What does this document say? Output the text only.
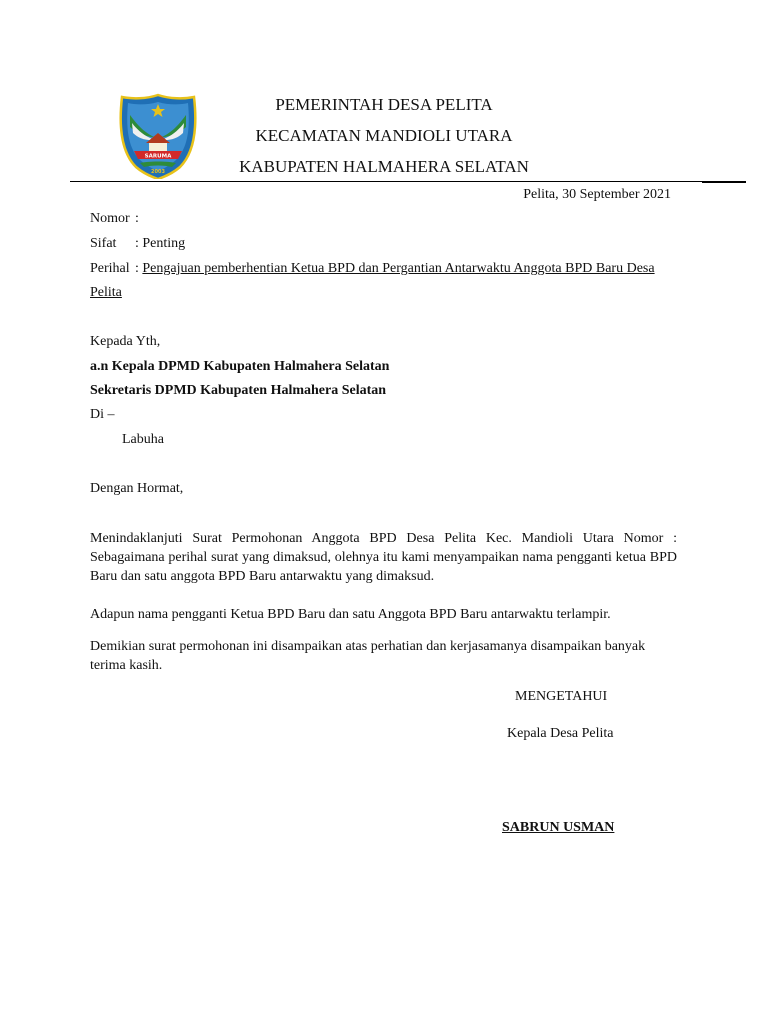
SARUMA
2003
PEMERINTAH DESA PELITA
KECAMATAN MANDIOLI UTARA
KABUPATEN HALMAHERA SELATAN
Pelita, 30 September 2021
Nomor :
Sifat : Penting
Perihal : Pengajuan pemberhentian Ketua BPD dan Pergantian Antarwaktu Anggota BPD Baru Desa
Pelita
Kepada Yth,
a.n Kepala DPMD Kabupaten Halmahera Selatan
Sekretaris DPMD Kabupaten Halmahera Selatan
Di –
Labuha
Dengan Hormat,
Menindaklanjuti Surat Permohonan Anggota BPD Desa Pelita Kec. Mandioli Utara Nomor : Sebagaimana perihal surat yang dimaksud, olehnya itu kami menyampaikan nama pengganti ketua BPD Baru dan satu anggota BPD Baru antarwaktu yang dimaksud.
Adapun nama pengganti Ketua BPD Baru dan satu Anggota BPD Baru antarwaktu terlampir.
Demikian surat permohonan ini disampaikan atas perhatian dan kerjasamanya disampaikan banyak terima kasih.
MENGETAHUI
Kepala Desa Pelita
SABRUN USMAN
